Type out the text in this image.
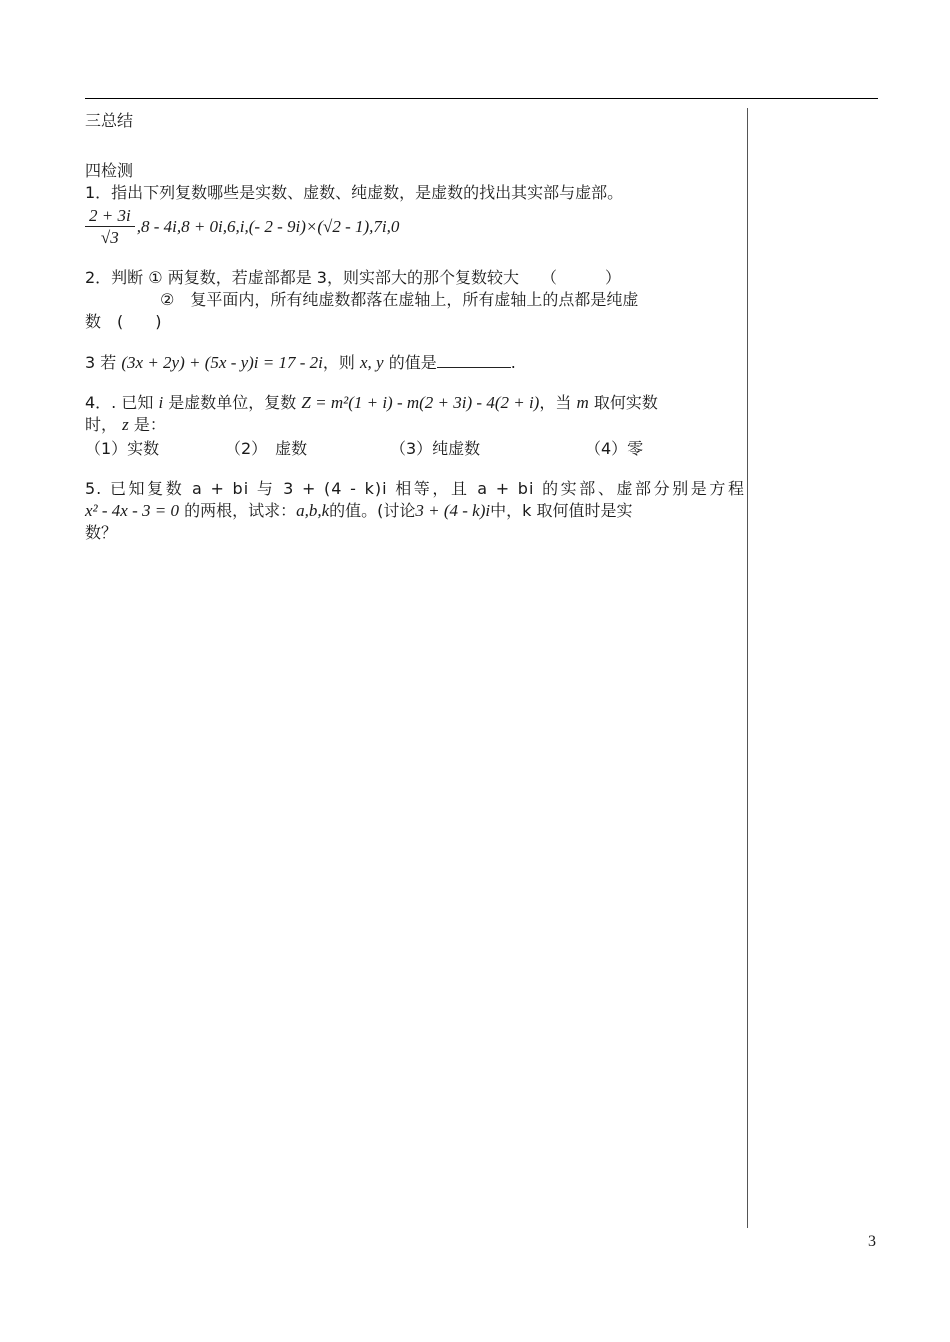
三总结

四检测

1．指出下列复数哪些是实数、虚数、纯虚数，是虚数的找出其实部与虚部。

$\frac{2 + 3i}{√3} ,8 - 4i,8 + 0i,6,i,(-$ 2 - 9i)×(√2 - 1),7i,0

2．判断 ① 两复数，若虚部都是 3，则实部大的那个复数较大 （　　　）

②　复平面内，所有纯虚数都落在虚轴上，所有虚轴上的点都是纯虚

数　(　　)

3 若 (3x + 2y) + (5x - y)i = 17 - 2i，则 x, y 的值是	.

4．. 已知 i 是虚数单位，复数 Z = m²(1 + i) - m(2 + 3i) - 4(2 + i)，当 m 取何实数

时， z 是：

（1）实数	（2）　虚数	（3）纯虚数	（4）零

5. 已知复数 a + bi 与 3 + (4 - k)i 相等，且 a + bi 的实部、虚部分别是方程

x² - 4x - 3 = 0 的两根，试求：a,b,k的值。(讨论3 + (4 - k)i中，k 取何值时是实

数？

3
